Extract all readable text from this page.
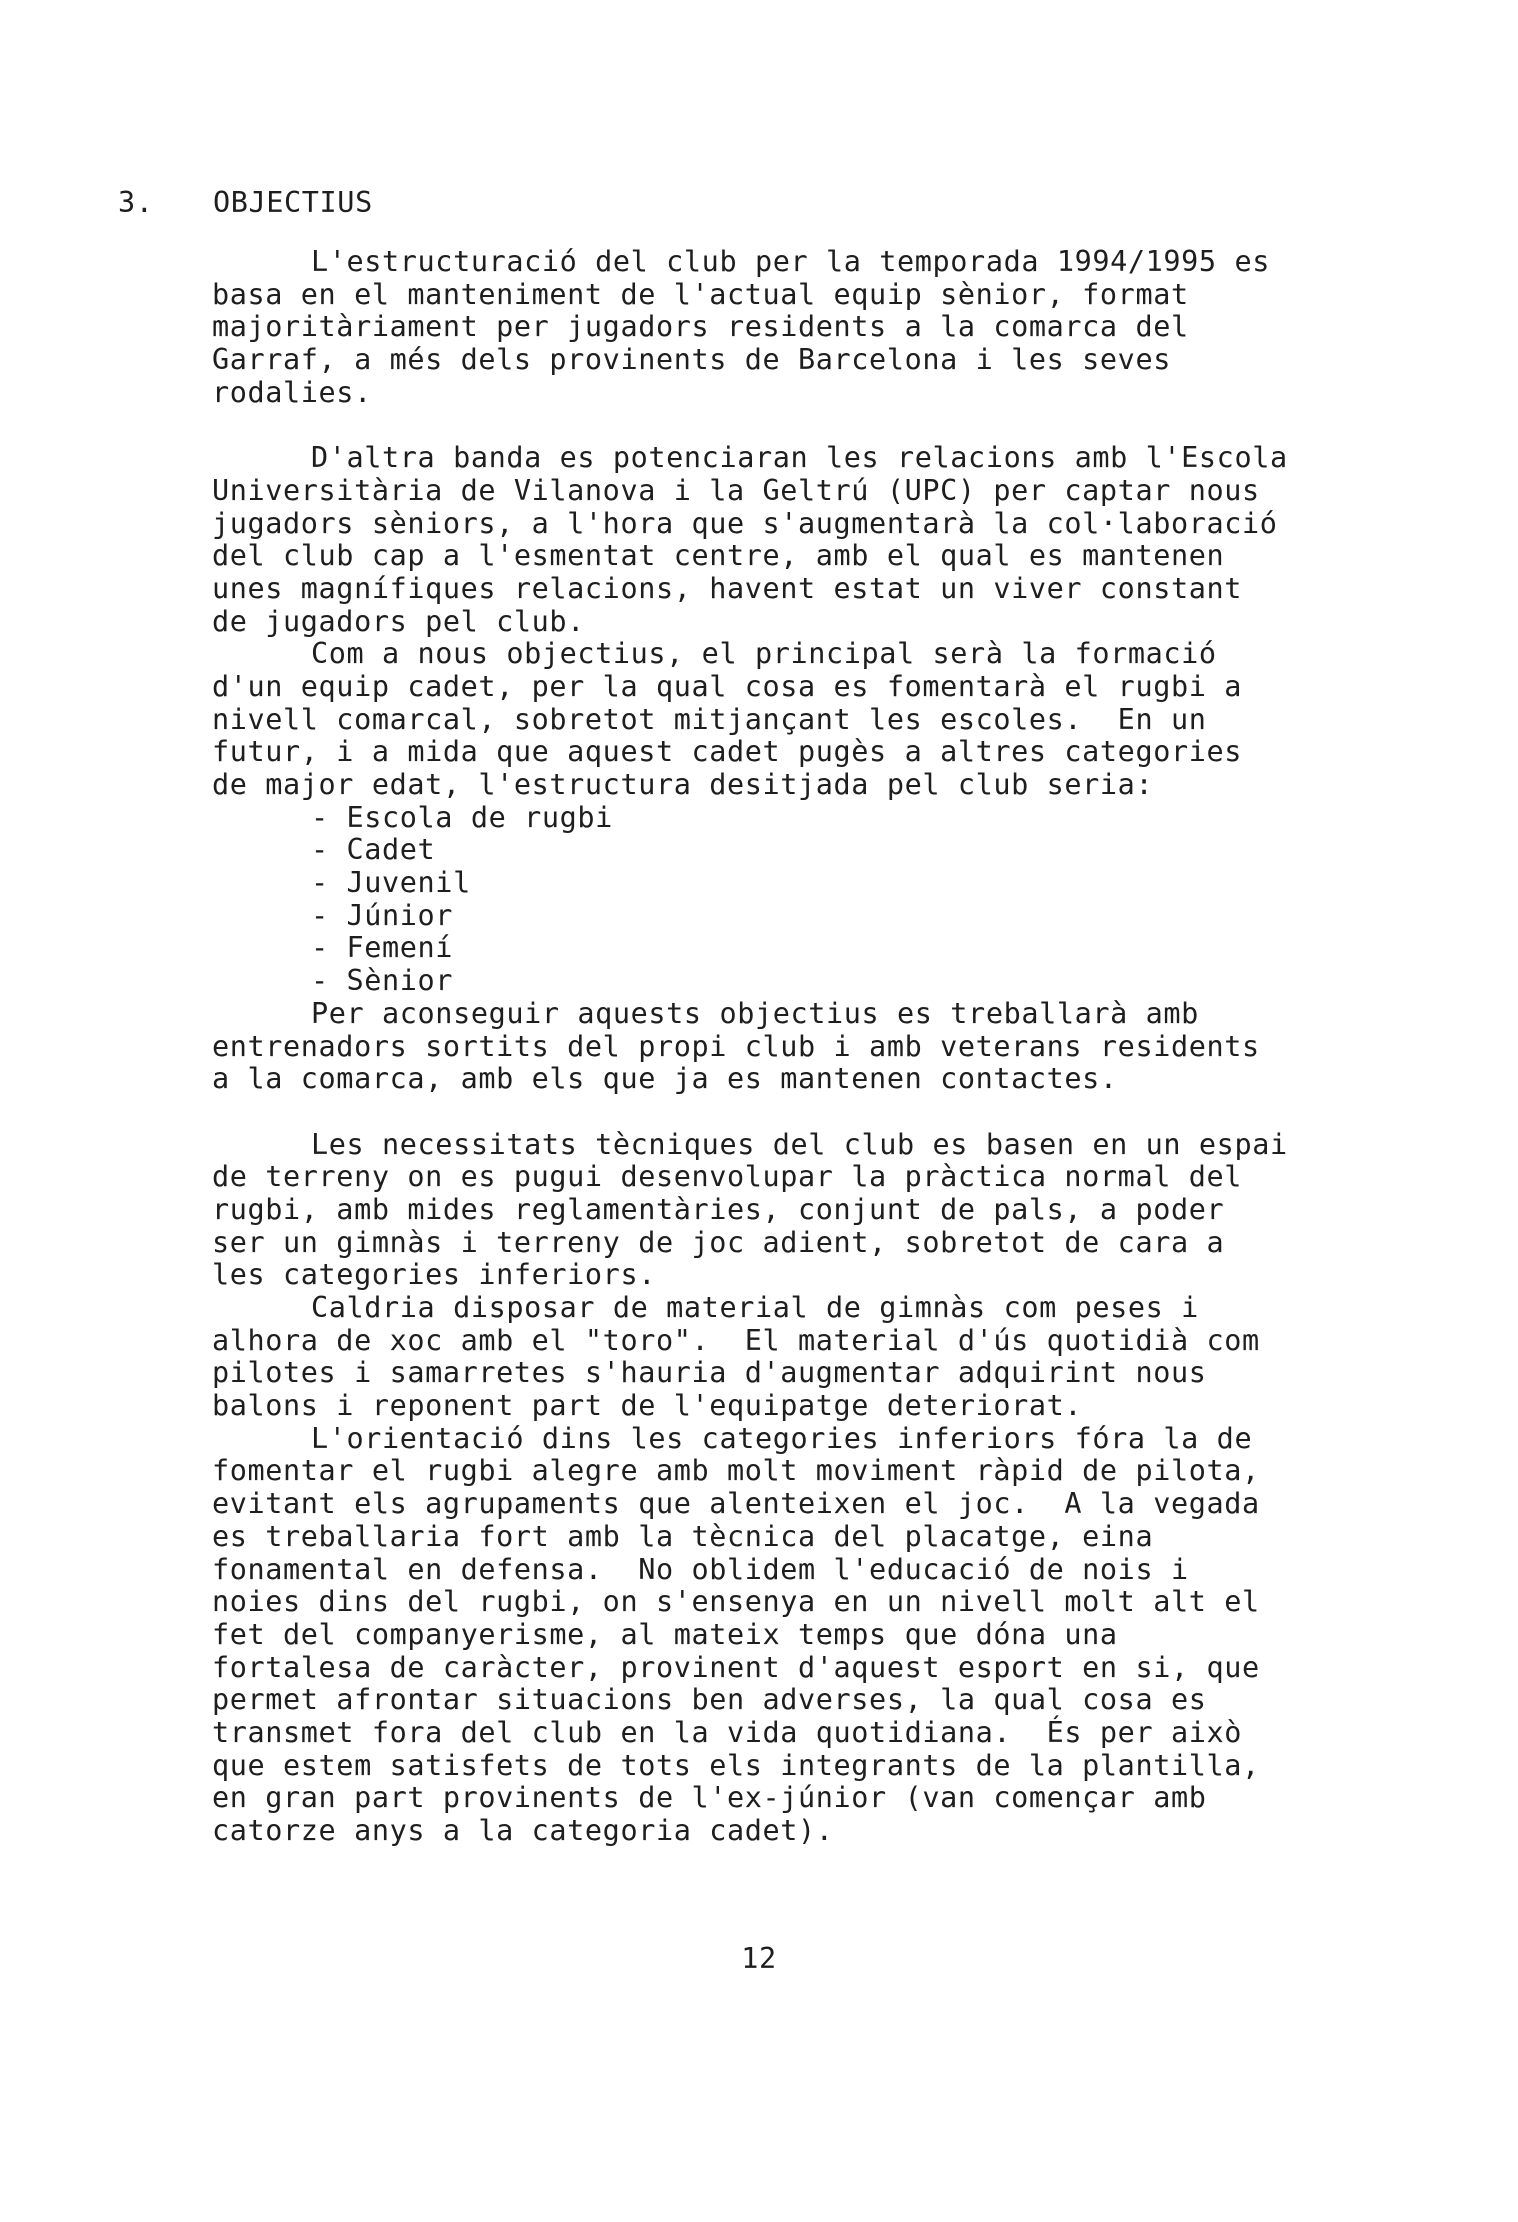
3. OBJECTIUS
L'estructuració del club per la temporada 1994/1995 es
basa en el manteniment de l'actual equip sènior, format
majoritàriament per jugadors residents a la comarca del
Garraf, a més dels provinents de Barcelona i les seves
rodalies.
D'altra banda es potenciaran les relacions amb l'Escola
Universitària de Vilanova i la Geltrú (UPC) per captar nous
jugadors sèniors, a l'hora que s'augmentarà la col·laboració
del club cap a l'esmentat centre, amb el qual es mantenen
unes magnífiques relacions, havent estat un viver constant
de jugadors pel club.
Com a nous objectius, el principal serà la formació
d'un equip cadet, per la qual cosa es fomentarà el rugbi a
nivell comarcal, sobretot mitjançant les escoles.  En un
futur, i a mida que aquest cadet pugès a altres categories
de major edat, l'estructura desitjada pel club seria:
- Escola de rugbi
- Cadet
- Juvenil
- Júnior
- Femení
- Sènior
Per aconseguir aquests objectius es treballarà amb
entrenadors sortits del propi club i amb veterans residents
a la comarca, amb els que ja es mantenen contactes.
Les necessitats tècniques del club es basen en un espai
de terreny on es pugui desenvolupar la pràctica normal del
rugbi, amb mides reglamentàries, conjunt de pals, a poder
ser un gimnàs i terreny de joc adient, sobretot de cara a
les categories inferiors.
Caldria disposar de material de gimnàs com peses i
alhora de xoc amb el "toro".  El material d'ús quotidià com
pilotes i samarretes s'hauria d'augmentar adquirint nous
balons i reponent part de l'equipatge deteriorat.
L'orientació dins les categories inferiors fóra la de
fomentar el rugbi alegre amb molt moviment ràpid de pilota,
evitant els agrupaments que alenteixen el joc.  A la vegada
es treballaria fort amb la tècnica del placatge, eina
fonamental en defensa.  No oblidem l'educació de nois i
noies dins del rugbi, on s'ensenya en un nivell molt alt el
fet del companyerisme, al mateix temps que dóna una
fortalesa de caràcter, provinent d'aquest esport en si, que
permet afrontar situacions ben adverses, la qual cosa es
transmet fora del club en la vida quotidiana.  És per això
que estem satisfets de tots els integrants de la plantilla,
en gran part provinents de l'ex-júnior (van començar amb
catorze anys a la categoria cadet).
12
